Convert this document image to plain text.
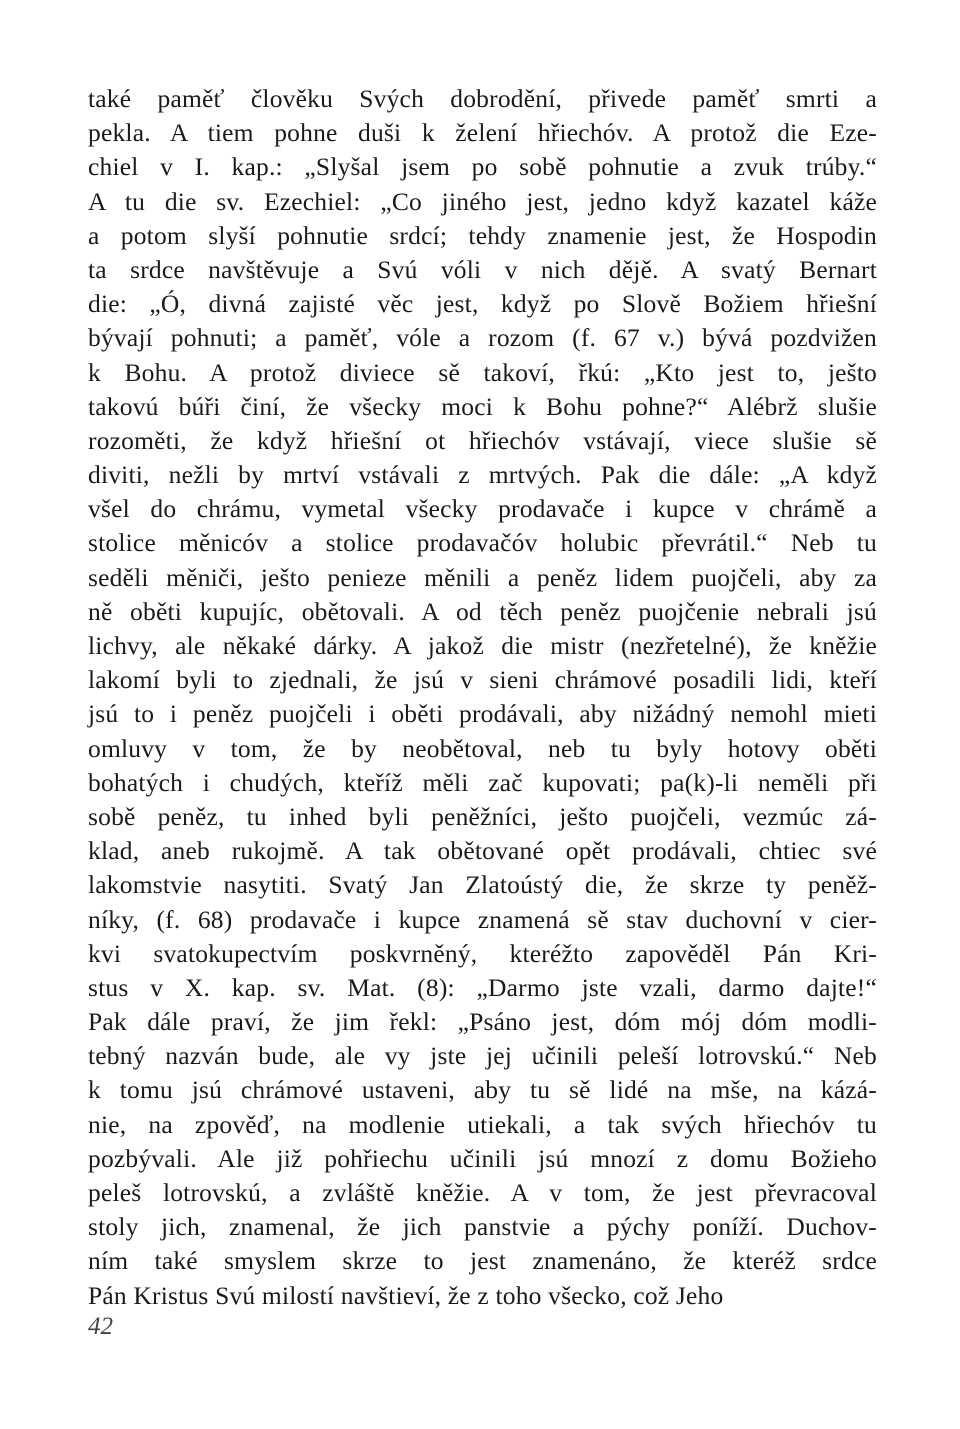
také paměť člověku Svých dobrodění, přivede paměť smrti a
pekla. A tiem pohne duši k želení hřiechóv. A protož die Eze-
chiel v I. kap.: „Slyšal jsem po sobě pohnutie a zvuk trúby.“
A tu die sv. Ezechiel: „Co jiného jest, jedno když kazatel káže
a potom slyší pohnutie srdcí; tehdy znamenie jest, že Hospodin
ta srdce navštěvuje a Svú vóli v nich dějě. A svatý Bernart
die: „Ó, divná zajisté věc jest, když po Slově Božiem hřiešní
bývají pohnuti; a paměť, vóle a rozom (f. 67 v.) bývá pozdvižen
k Bohu. A protož diviece sě takoví, řkú: „Kto jest to, ješto
takovú búři činí, že všecky moci k Bohu pohne?“ Alébrž slušie
rozoměti, že když hřiešní ot hřiechóv vstávají, viece slušie sě
diviti, nežli by mrtví vstávali z mrtvých. Pak die dále: „A když
všel do chrámu, vymetal všecky prodavače i kupce v chrámě a
stolice měnicóv a stolice prodavačóv holubic převrátil.“ Neb tu
seděli měniči, ješto penieze měnili a peněz lidem puojčeli, aby za
ně oběti kupujíc, obětovali. A od těch peněz puojčenie nebrali jsú
lichvy, ale někaké dárky. A jakož die mistr (nezřetelné), že kněžie
lakomí byli to zjednali, že jsú v sieni chrámové posadili lidi, kteří
jsú to i peněz puojčeli i oběti prodávali, aby nižádný nemohl mieti
omluvy v tom, že by neobětoval, neb tu byly hotovy oběti
bohatých i chudých, kteříž měli zač kupovati; pa(k)-li neměli při
sobě peněz, tu inhed byli peněžníci, ješto puojčeli, vezmúc zá-
klad, aneb rukojmě. A tak obětované opět prodávali, chtiec své
lakomstvie nasytiti. Svatý Jan Zlatoústý die, že skrze ty peněž-
níky, (f. 68) prodavače i kupce znamená sě stav duchovní v cier-
kvi svatokupectvím poskvrněný, kteréžto zapověděl Pán Kri-
stus v X. kap. sv. Mat. (8): „Darmo jste vzali, darmo dajte!“
Pak dále praví, že jim řekl: „Psáno jest, dóm mój dóm modli-
tebný nazván bude, ale vy jste jej učinili peleší lotrovskú.“ Neb
k tomu jsú chrámové ustaveni, aby tu sě lidé na mše, na kázá-
nie, na zpověď, na modlenie utiekali, a tak svých hřiechóv tu
pozbývali. Ale již pohřiechu učinili jsú mnozí z domu Božieho
peleš lotrovskú, a zvláště kněžie. A v tom, že jest převracoval
stoly jich, znamenal, že jich panstvie a pýchy poníží. Duchov-
ním také smyslem skrze to jest znamenáno, že kteréž srdce
Pán Kristus Svú milostí navštieví, že z toho všecko, což Jeho
42
